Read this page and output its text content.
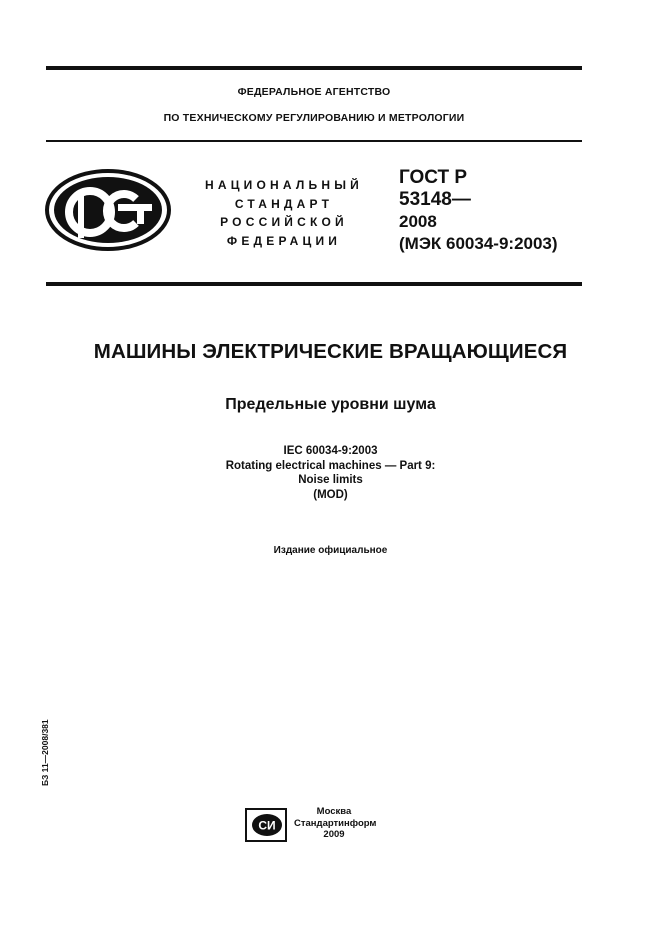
ФЕДЕРАЛЬНОЕ АГЕНТСТВО
ПО ТЕХНИЧЕСКОМУ РЕГУЛИРОВАНИЮ И МЕТРОЛОГИИ
НАЦИОНАЛЬНЫЙ
СТАНДАРТ
РОССИЙСКОЙ
ФЕДЕРАЦИИ
ГОСТ Р
53148—
2008
(МЭК 60034-9:2003)
МАШИНЫ ЭЛЕКТРИЧЕСКИЕ ВРАЩАЮЩИЕСЯ
Предельные уровни шума
IEC 60034-9:2003
Rotating electrical machines — Part 9:
Noise limits
(MOD)
Издание официальное
БЗ 11—2008/381
СИ
Москва
Стандартинформ
2009
